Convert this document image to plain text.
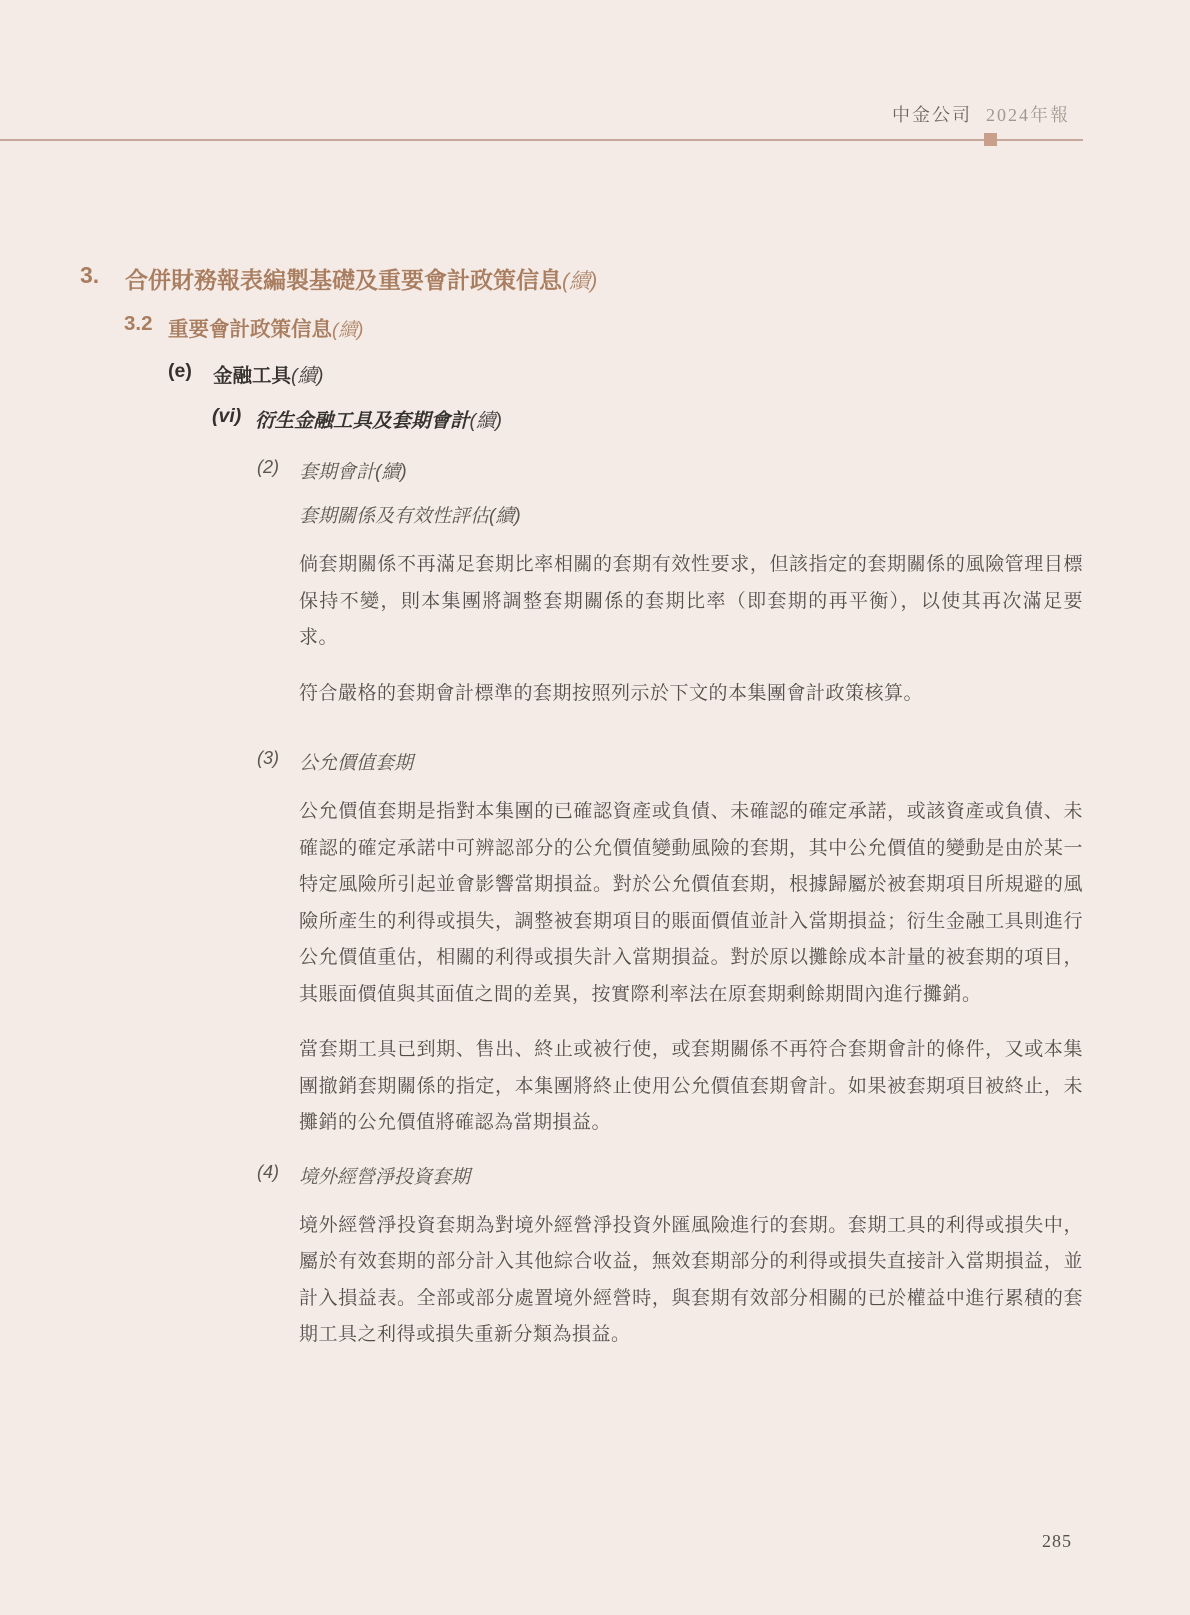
中金公司 2024年報
3.	合併財務報表編製基礎及重要會計政策信息(續)
3.2 重要會計政策信息(續)
(e)	金融工具(續)
(vi) 衍生金融工具及套期會計(續)
(2)	套期會計(續)
套期關係及有效性評估(續)

倘套期關係不再滿足套期比率相關的套期有效性要求，但該指定的套期關係的風險管理目標保持不變，則本集團將調整套期關係的套期比率（即套期的再平衡），以使其再次滿足要求。

符合嚴格的套期會計標準的套期按照列示於下文的本集團會計政策核算。

(3)	公允價值套期

公允價值套期是指對本集團的已確認資產或負債、未確認的確定承諾，或該資產或負債、未確認的確定承諾中可辨認部分的公允價值變動風險的套期，其中公允價值的變動是由於某一特定風險所引起並會影響當期損益。對於公允價值套期，根據歸屬於被套期項目所規避的風險所產生的利得或損失，調整被套期項目的賬面價值並計入當期損益；衍生金融工具則進行公允價值重估，相關的利得或損失計入當期損益。對於原以攤餘成本計量的被套期的項目，其賬面價值與其面值之間的差異，按實際利率法在原套期剩餘期間內進行攤銷。

當套期工具已到期、售出、終止或被行使，或套期關係不再符合套期會計的條件，又或本集團撤銷套期關係的指定，本集團將終止使用公允價值套期會計。如果被套期項目被終止，未攤銷的公允價值將確認為當期損益。

(4)	境外經營淨投資套期

境外經營淨投資套期為對境外經營淨投資外匯風險進行的套期。套期工具的利得或損失中，屬於有效套期的部分計入其他綜合收益，無效套期部分的利得或損失直接計入當期損益，並計入損益表。全部或部分處置境外經營時，與套期有效部分相關的已於權益中進行累積的套期工具之利得或損失重新分類為損益。

285
